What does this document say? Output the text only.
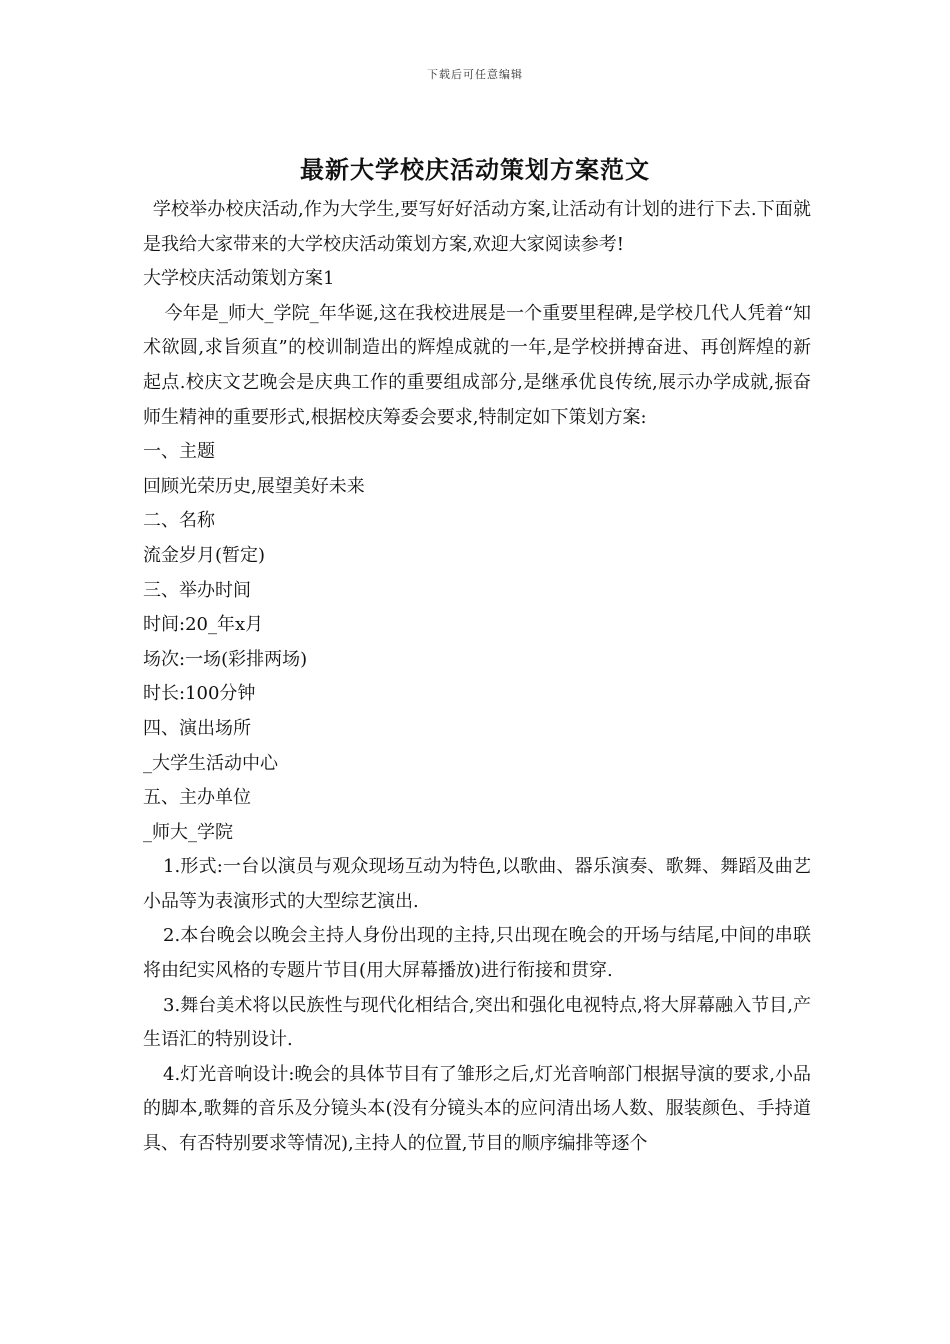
下载后可任意编辑
最新大学校庆活动策划方案范文

学校举办校庆活动,作为大学生,要写好好活动方案,让活动有计划的进行下去.下面就是我给大家带来的大学校庆活动策划方案,欢迎大家阅读参考!

大学校庆活动策划方案1

今年是_师大_学院_年华诞,这在我校进展是一个重要里程碑,是学校几代人凭着“知术欲圆,求旨须直”的校训制造出的辉煌成就的一年,是学校拼搏奋进、再创辉煌的新起点.校庆文艺晚会是庆典工作的重要组成部分,是继承优良传统,展示办学成就,振奋师生精神的重要形式,根据校庆筹委会要求,特制定如下策划方案:

一、主题

回顾光荣历史,展望美好未来

二、名称

流金岁月(暂定)

三、举办时间

时间:20_年x月

场次:一场(彩排两场)

时长:100分钟

四、演出场所

_大学生活动中心

五、主办单位

_师大_学院

1.形式:一台以演员与观众现场互动为特色,以歌曲、器乐演奏、歌舞、舞蹈及曲艺小品等为表演形式的大型综艺演出.

2.本台晚会以晚会主持人身份出现的主持,只出现在晚会的开场与结尾,中间的串联将由纪实风格的专题片节目(用大屏幕播放)进行衔接和贯穿.

3.舞台美术将以民族性与现代化相结合,突出和强化电视特点,将大屏幕融入节目,产生语汇的特别设计.

4.灯光音响设计:晚会的具体节目有了雏形之后,灯光音响部门根据导演的要求,小品的脚本,歌舞的音乐及分镜头本(没有分镜头本的应问清出场人数、服装颜色、手持道具、有否特别要求等情况),主持人的位置,节目的顺序编排等逐个
